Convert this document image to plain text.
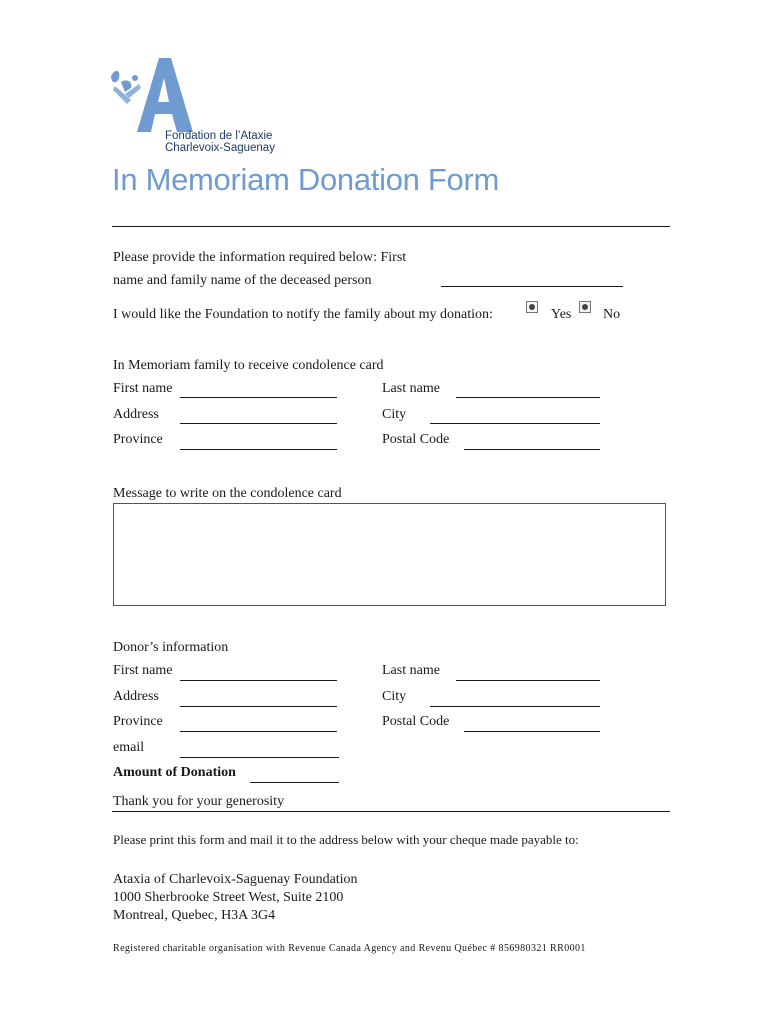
Fondation de l’Ataxie
Charlevoix-Saguenay
In Memoriam Donation Form
Please provide the information required below: First
name and family name of the deceased person
I would like the Foundation to notify the family about my donation:	Yes No
In Memoriam family to receive condolence card
First name	Last name
Address	City
Province	Postal Code
Message to write on the condolence card
Donor’s information
First name	Last name
Address	City
Province	Postal Code
email
Amount of Donation
Thank you for your generosity
Please print this form and mail it to the address below with your cheque made payable to:
Ataxia of Charlevoix-Saguenay Foundation
1000 Sherbrooke Street West, Suite 2100
Montreal, Quebec, H3A 3G4
Registered charitable organisation with Revenue Canada Agency and Revenu Québec # 856980321 RR0001
